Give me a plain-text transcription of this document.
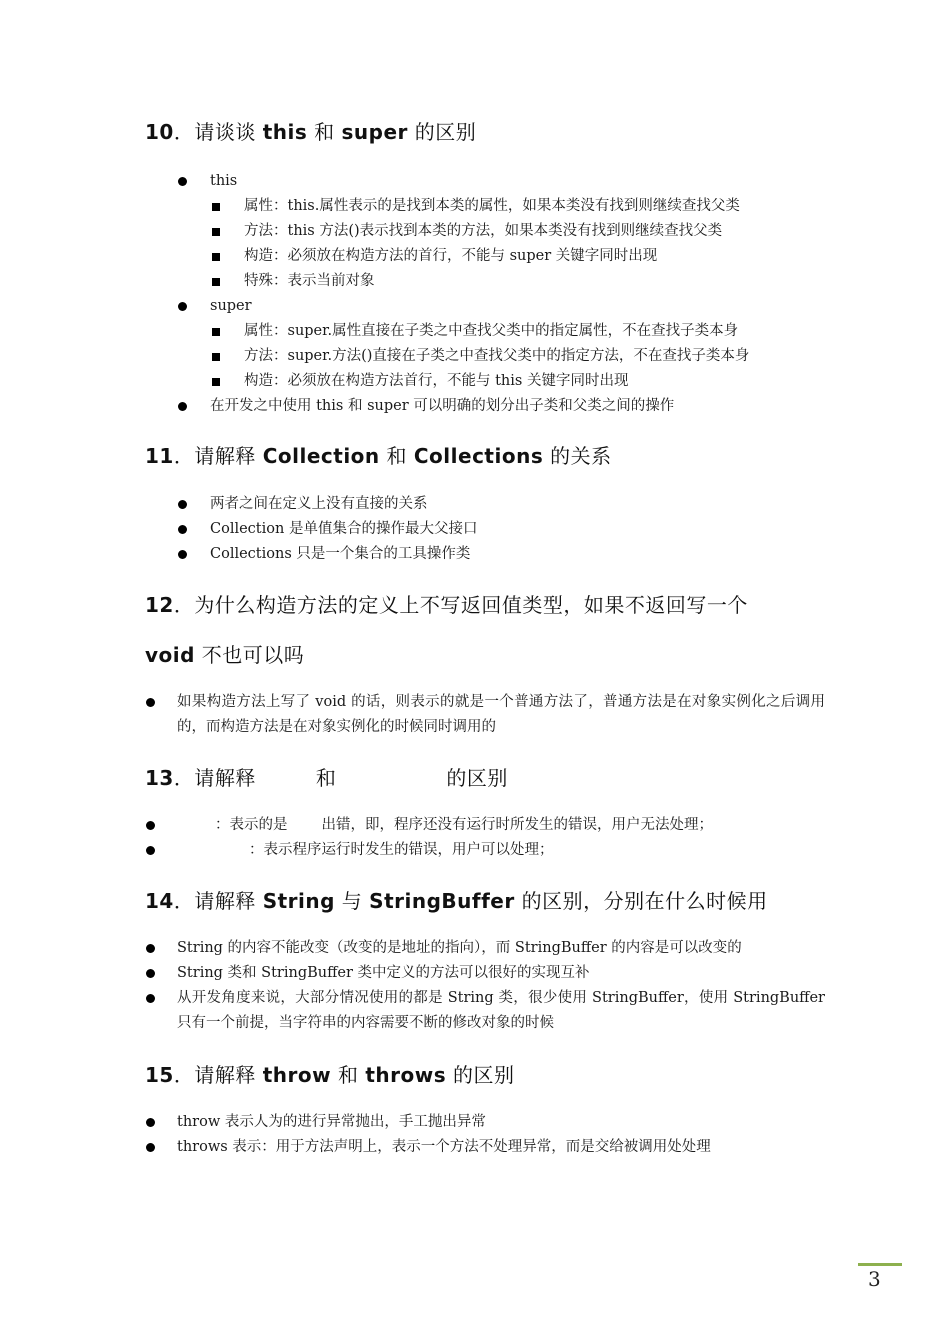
10．请谈谈 this 和 super 的区别
this
属性：this.属性表示的是找到本类的属性，如果本类没有找到则继续查找父类
方法：this 方法()表示找到本类的方法，如果本类没有找到则继续查找父类
构造：必须放在构造方法的首行，不能与 super 关键字同时出现
特殊：表示当前对象
super
属性：super.属性直接在子类之中查找父类中的指定属性，不在查找子类本身
方法：super.方法()直接在子类之中查找父类中的指定方法，不在查找子类本身
构造：必须放在构造方法首行，不能与 this 关键字同时出现
在开发之中使用 this 和 super 可以明确的划分出子类和父类之间的操作
11．请解释 Collection 和 Collections 的关系
两者之间在定义上没有直接的关系
Collection 是单值集合的操作最大父接口
Collections 只是一个集合的工具操作类
12．为什么构造方法的定义上不写返回值类型，如果不返回写一个
void 不也可以吗
如果构造方法上写了 void 的话，则表示的就是一个普通方法了，普通方法是在对象实例化之后调用的，而构造方法是在对象实例化的时候同时调用的
13．请解释	和	的区别
：表示的是 出错，即，程序还没有运行时所发生的错误，用户无法处理；
：表示程序运行时发生的错误，用户可以处理；
14．请解释 String 与 StringBuffer 的区别，分别在什么时候用
String 的内容不能改变（改变的是地址的指向），而 StringBuffer 的内容是可以改变的
String 类和 StringBuffer 类中定义的方法可以很好的实现互补
从开发角度来说，大部分情况使用的都是 String 类，很少使用 StringBuffer，使用 StringBuffer 只有一个前提，当字符串的内容需要不断的修改对象的时候
15．请解释 throw 和 throws 的区别
throw 表示人为的进行异常抛出，手工抛出异常
throws 表示：用于方法声明上，表示一个方法不处理异常，而是交给被调用处处理
3
